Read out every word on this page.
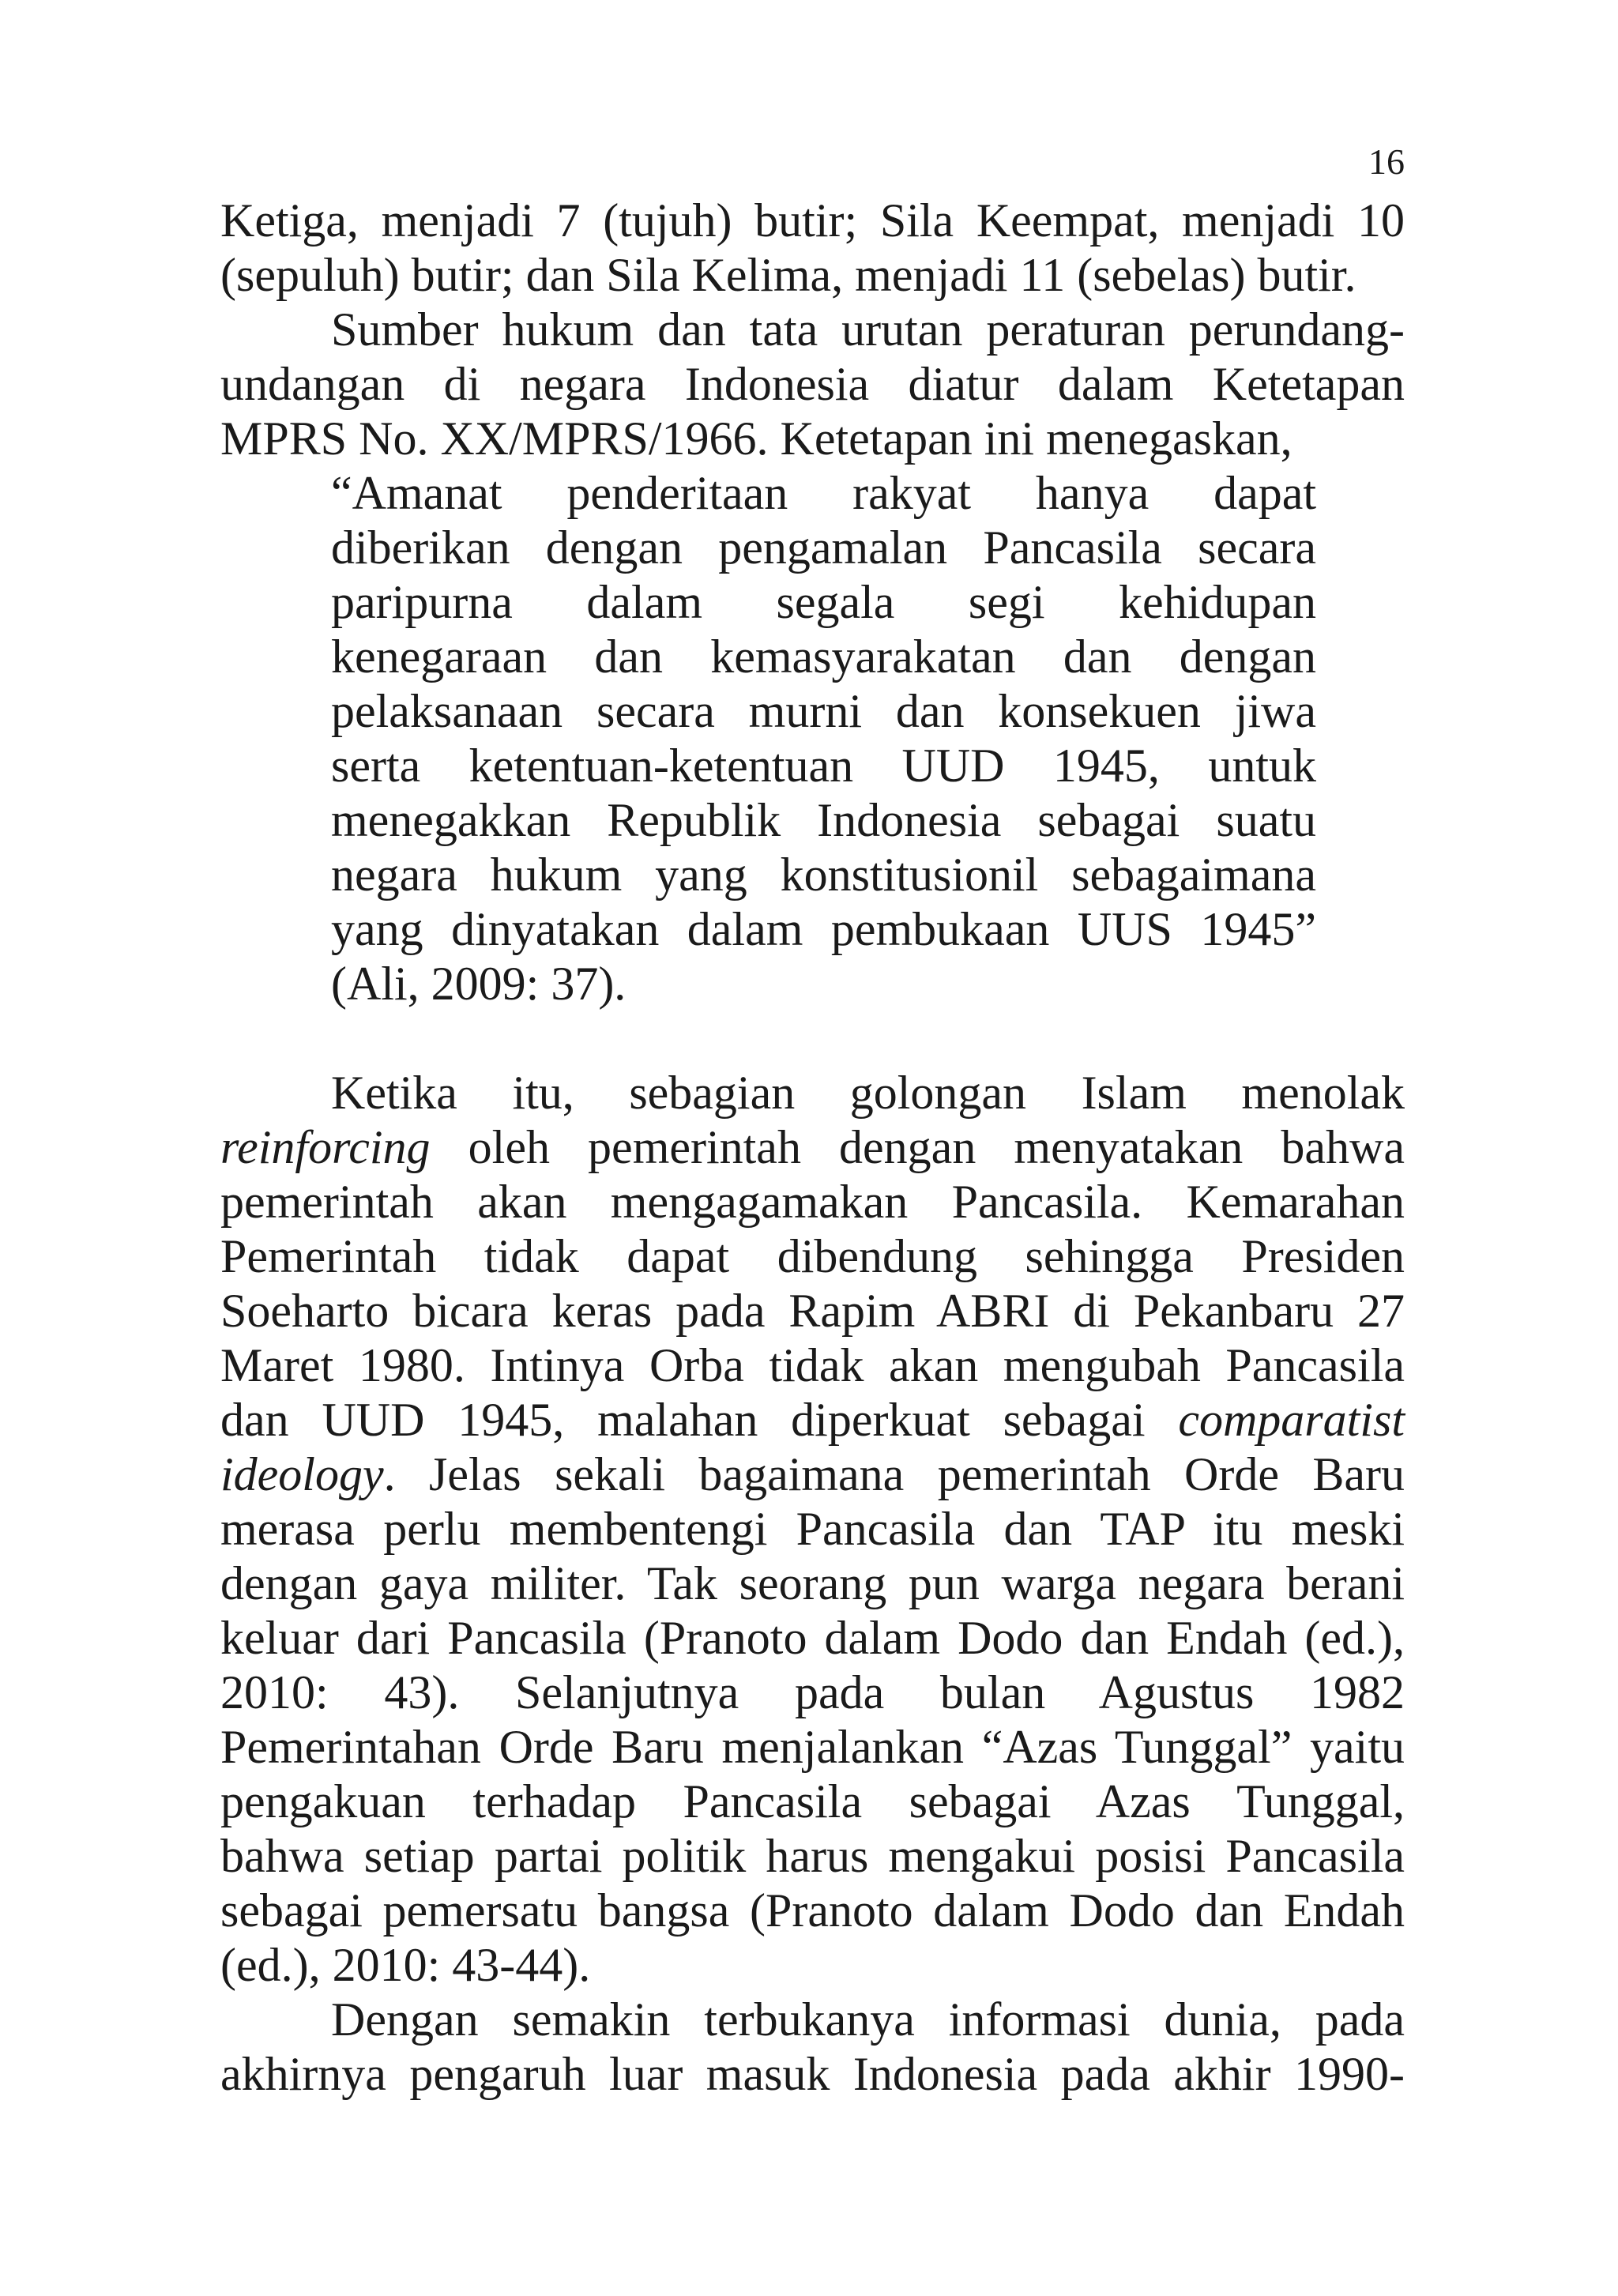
16
Ketiga, menjadi 7 (tujuh) butir; Sila Keempat, menjadi 10
(sepuluh) butir; dan Sila Kelima, menjadi 11 (sebelas) butir.
Sumber hukum dan tata urutan peraturan perundang-
undangan di negara Indonesia diatur dalam Ketetapan
MPRS No. XX/MPRS/1966. Ketetapan ini menegaskan,
“Amanat penderitaan rakyat hanya dapat
diberikan dengan pengamalan Pancasila secara
paripurna dalam segala segi kehidupan
kenegaraan dan kemasyarakatan dan dengan
pelaksanaan secara murni dan konsekuen jiwa
serta ketentuan-ketentuan UUD 1945, untuk
menegakkan Republik Indonesia sebagai suatu
negara hukum yang konstitusionil sebagaimana
yang dinyatakan dalam pembukaan UUS 1945”
(Ali, 2009: 37).
Ketika itu, sebagian golongan Islam menolak
reinforcing oleh pemerintah dengan menyatakan bahwa
pemerintah akan mengagamakan Pancasila. Kemarahan
Pemerintah tidak dapat dibendung sehingga Presiden
Soeharto bicara keras pada Rapim ABRI di Pekanbaru 27
Maret 1980. Intinya Orba tidak akan mengubah Pancasila
dan UUD 1945, malahan diperkuat sebagai comparatist
ideology. Jelas sekali bagaimana pemerintah Orde Baru
merasa perlu membentengi Pancasila dan TAP itu meski
dengan gaya militer. Tak seorang pun warga negara berani
keluar dari Pancasila (Pranoto dalam Dodo dan Endah (ed.),
2010: 43). Selanjutnya pada bulan Agustus 1982
Pemerintahan Orde Baru menjalankan “Azas Tunggal” yaitu
pengakuan terhadap Pancasila sebagai Azas Tunggal,
bahwa setiap partai politik harus mengakui posisi Pancasila
sebagai pemersatu bangsa (Pranoto dalam Dodo dan Endah
(ed.), 2010: 43-44).
Dengan semakin terbukanya informasi dunia, pada
akhirnya pengaruh luar masuk Indonesia pada akhir 1990-
